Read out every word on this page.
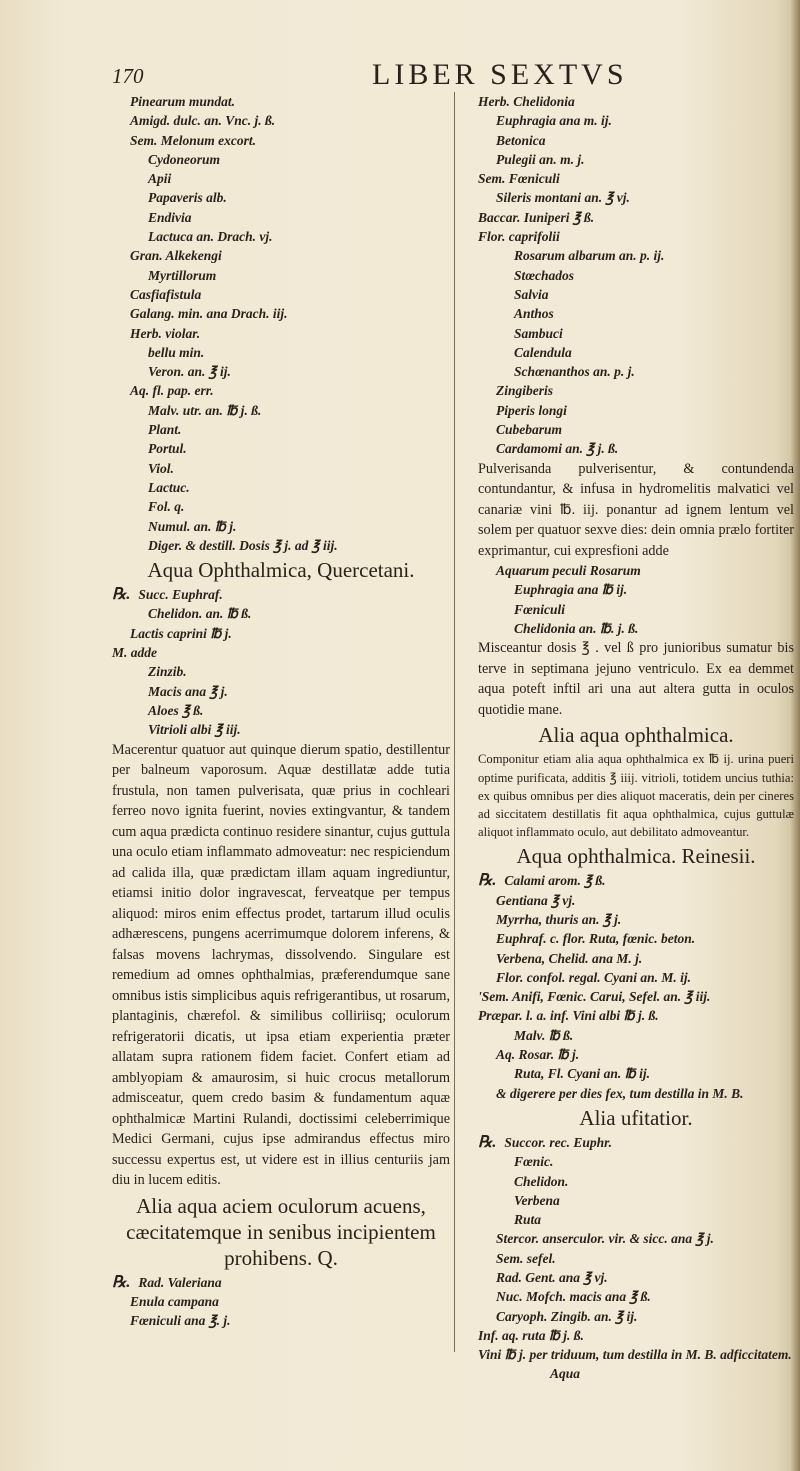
170	LIBER SEXTVS
Pinearum mundat.
Amigd. dulc. an. Vnc. j. ß.
Sem. Melonum excort.
Cydoneorum
Apii
Papaveris alb.
Endivia
Lactuca an. Drach. vj.
Gran. Alkekengi
Myrtillorum
Casfiafistula
Galang. min. ana Drach. iij.
Herb. violar.
bellu min.
Veron. an. ℥ ij.
Aq. fl. pap. err.
Malv. utr. an. ℔ j. ß.
Plant.
Portul.
Viol.
Lactuc.
Fol. q.
Numul. an. ℔ j.
Diger. & destill. Dosis ℥ j. ad ℥ iij.
Aqua Ophthalmica, Quercetani.
℞. Succ. Euphraf.
Chelidon. an. ℔ ß.
Lactis caprini ℔ j.
M. adde
Zinzib.
Macis ana ℥ j.
Aloes ℥ ß.
Vitrioli albi ℥ iij.
Macerentur quatuor aut quinque dierum spatio, destillentur per balneum vaporosum. Aquæ destillatæ adde tutia frustula, non tamen pulverisata, quæ prius in cochleari ferreo novo ignita fuerint, novies extingvantur, & tandem cum aqua prædicta continuo residere sinantur, cujus guttula una oculo etiam inflammato admoveatur: nec respiciendum ad calida illa, quæ prædictam illam aquam ingrediuntur, etiamsi initio dolor ingravescat, ferveatque per tempus aliquod: miros enim effectus prodet, tartarum illud oculis adhærescens, pungens acerrimumque dolorem inferens, & falsas movens lachrymas, dissolvendo. Singulare est remedium ad omnes ophthalmias, præferendumque sane omnibus istis simplicibus aquis refrigerantibus, ut rosarum, plantaginis, chærefol. & similibus colliriisq; oculorum refrigeratorii dicatis, ut ipsa etiam experientia præter allatam supra rationem fidem faciet. Confert etiam ad amblyopiam & amaurosim, si huic crocus metallorum admisceatur, quem credo basim & fundamentum aquæ ophthalmicæ Martini Rulandi, doctissimi celeberrimique Medici Germani, cujus ipse admirandus effectus miro successu expertus est, ut videre est in illius centuriis jam diu in lucem editis.
Alia aqua aciem oculorum acuens, cæcitatemque in senibus incipientem prohibens. Q.
℞. Rad. Valeriana
Enula campana
Fœniculi ana ℥. j.
Herb. Chelidonia
Euphragia ana m. ij.
Betonica
Pulegii an. m. j.
Sem. Fœniculi
Sileris montani an. ℥ vj.
Baccar. Iuniperi ℥ ß.
Flor. caprifolii
Rosarum albarum an. p. ij.
Stœchados
Salvia
Anthos
Sambuci
Calendula
Schœnanthos an. p. j.
Zingiberis
Piperis longi
Cubebarum
Cardamomi an. ℥ j. ß.
Pulverisanda pulverisentur, & contundenda contundantur, & infusa in hydromelitis malvatici vel canariæ vini ℔. iij. ponantur ad ignem lentum vel solem per quatuor sexve dies: dein omnia prælo fortiter exprimantur, cui expresfioni adde
Aquarum peculi Rosarum
Euphragia ana ℔ ij.
Fœniculi
Chelidonia an. ℔. j. ß.
Misceantur dosis ℥ . vel ß pro junioribus sumatur bis terve in septimana jejuno ventriculo. Ex ea demmet aqua poteft inftil ari una aut altera gutta in oculos quotidie mane.
Alia aqua ophthalmica.
Componitur etiam alia aqua ophthalmica ex ℔ ij. urina pueri optime purificata, additis ℥ iiij. vitrioli, totidem uncius tuthia: ex quibus omnibus per dies aliquot maceratis, dein per cineres ad siccitatem destillatis fit aqua ophthalmica, cujus guttulæ aliquot inflammato oculo, aut debilitato admoveantur.
Aqua ophthalmica. Reinesii.
℞. Calami arom. ℥ ß.
Gentiana ℥ vj.
Myrrha, thuris an. ℥ j.
Euphraf. c. flor. Ruta, fœnic. beton.
Verbena, Chelid. ana M. j.
Flor. confol. regal. Cyani an. M. ij.
'Sem. Anifi, Fœnic. Carui, Sefel. an. ℥ iij.
Præpar. l. a. inf. Vini albi ℔ j. ß.
Malv. ℔ ß.
Aq. Rosar. ℔ j.
Ruta, Fl. Cyani an. ℔ ij.
& digerere per dies fex, tum destilla in M. B.
Alia ufitatior.
℞. Succor. rec. Euphr.
Fœnic.
Chelidon.
Verbena
Ruta
Stercor. anserculor. vir. & sicc. ana ℥ j.
Sem. sefel.
Rad. Gent. ana ℥ vj.
Nuc. Mofch. macis ana ℥ ß.
Caryoph. Zingib. an. ℥ ij.
Inf. aq. ruta ℔ j. ß.
Vini ℔ j. per triduum, tum destilla in M. B. adficcitatem.
Aqua
